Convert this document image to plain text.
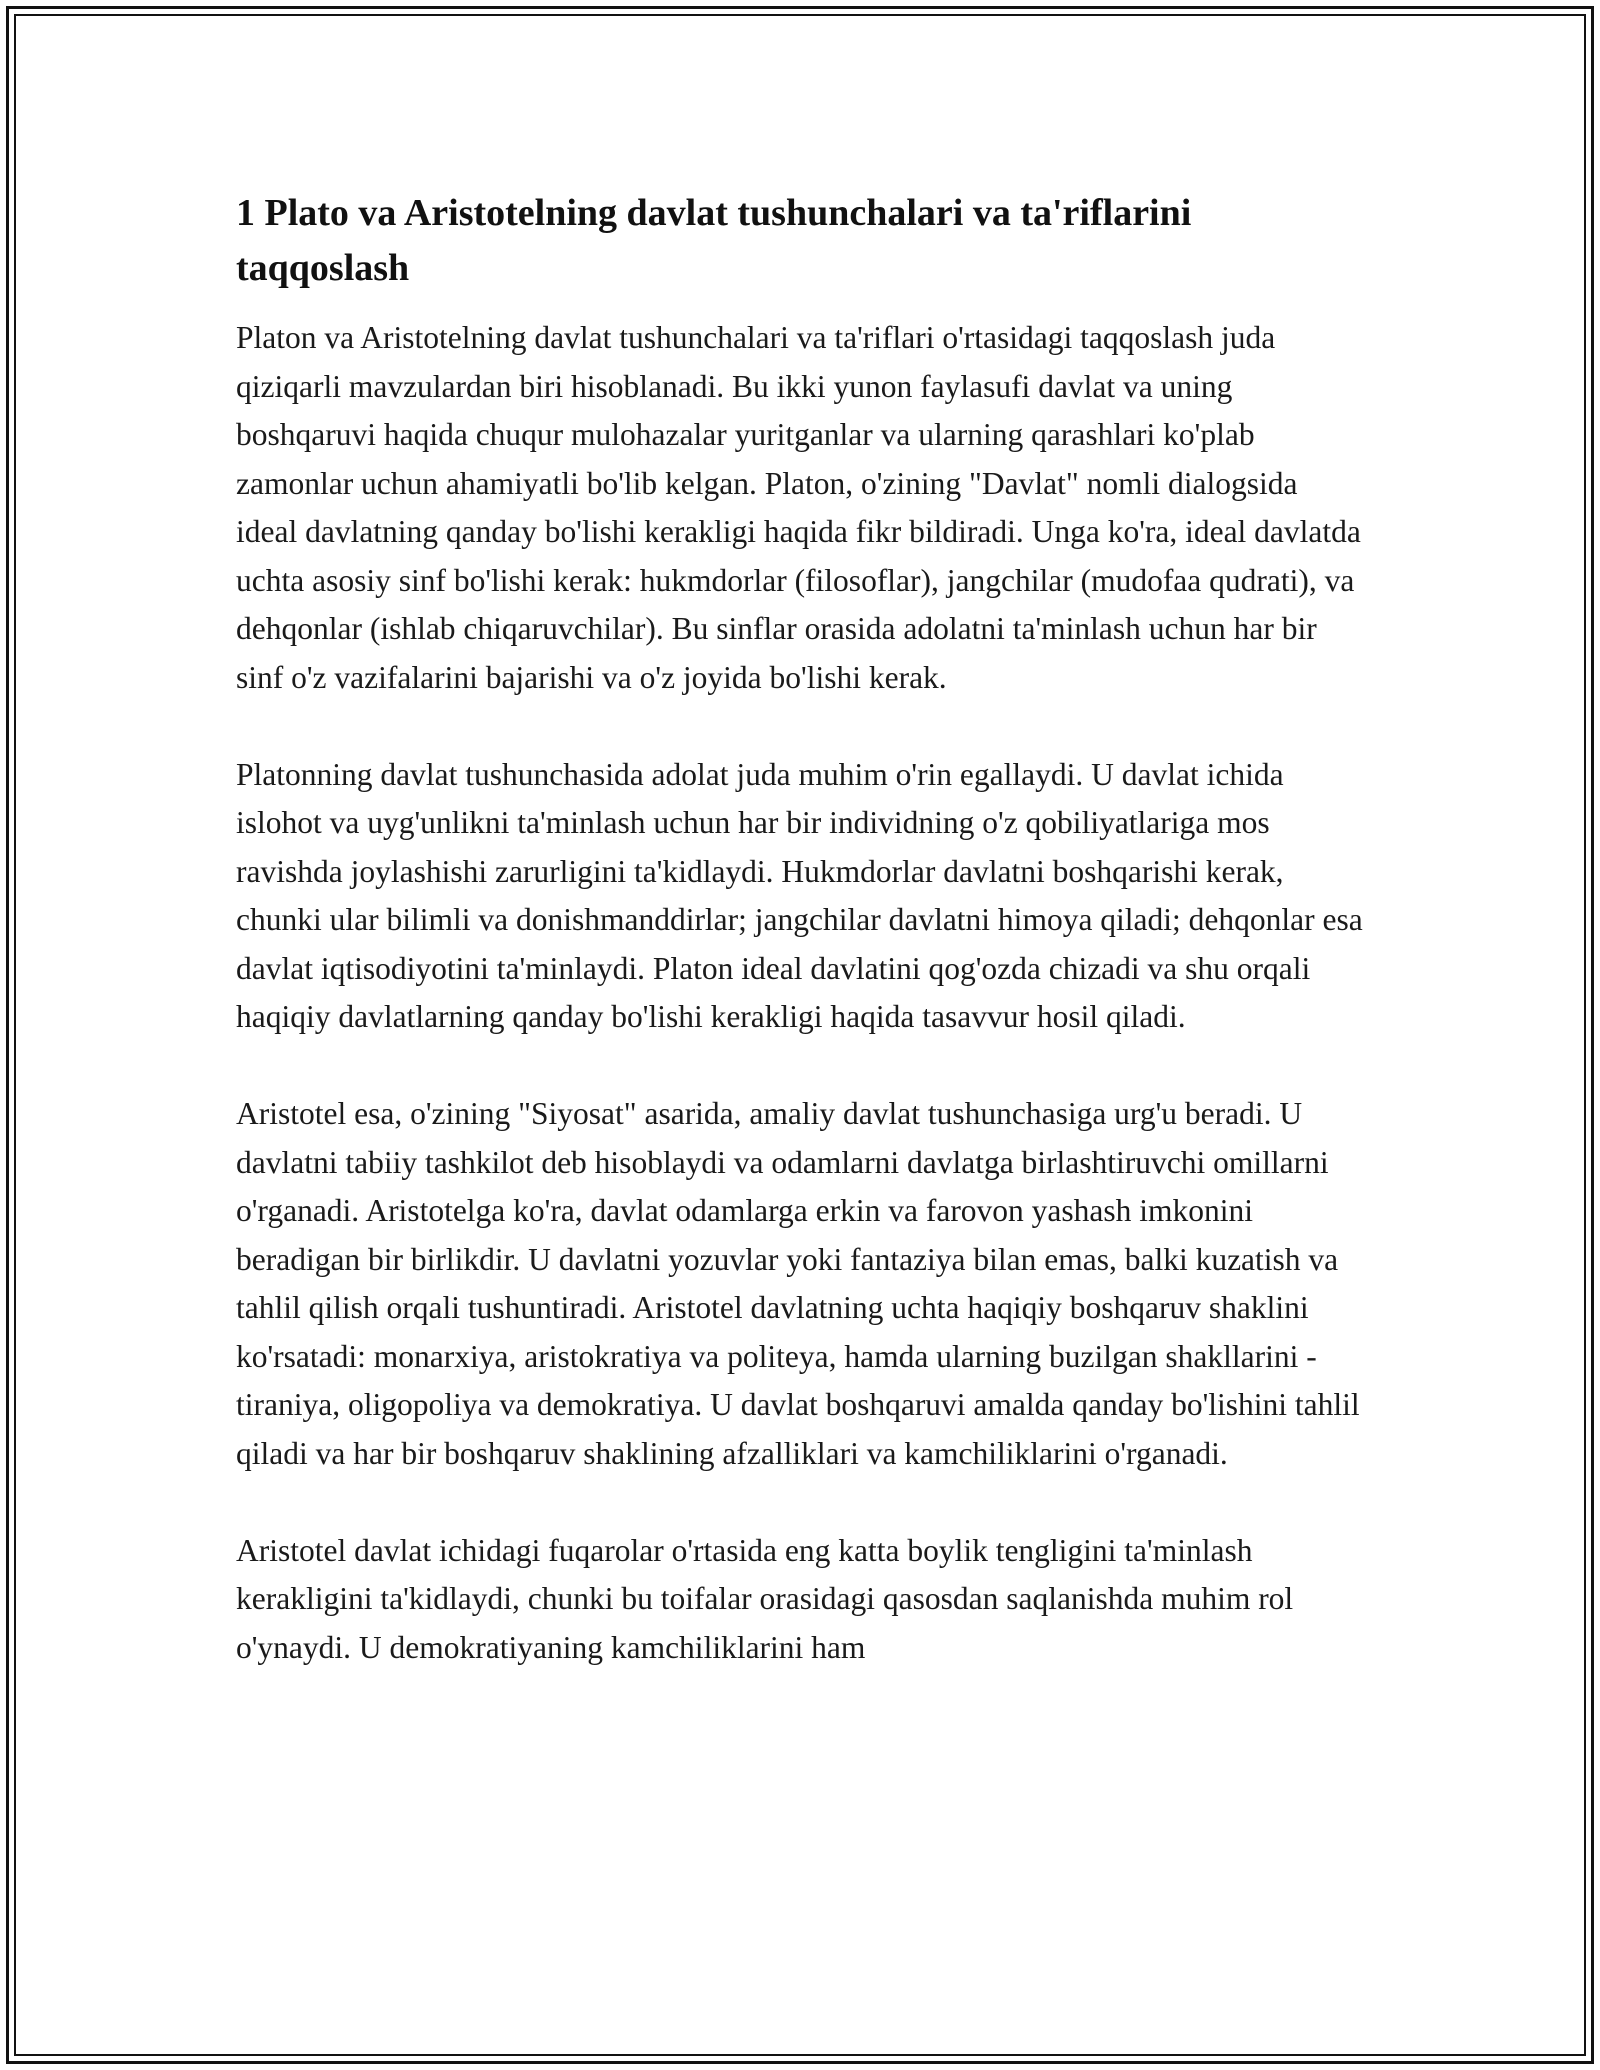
1 Plato va Aristotelning davlat tushunchalari va ta'riflarini taqqoslash

Platon va Aristotelning davlat tushunchalari va ta'riflari o'rtasidagi taqqoslash juda qiziqarli mavzulardan biri hisoblanadi. Bu ikki yunon faylasufi davlat va uning boshqaruvi haqida chuqur mulohazalar yuritganlar va ularning qarashlari ko'plab zamonlar uchun ahamiyatli bo'lib kelgan. Platon, o'zining "Davlat" nomli dialogsida ideal davlatning qanday bo'lishi kerakligi haqida fikr bildiradi. Unga ko'ra, ideal davlatda uchta asosiy sinf bo'lishi kerak: hukmdorlar (filosoflar), jangchilar (mudofaa qudrati), va dehqonlar (ishlab chiqaruvchilar). Bu sinflar orasida adolatni ta'minlash uchun har bir sinf o'z vazifalarini bajarishi va o'z joyida bo'lishi kerak.

Platonning davlat tushunchasida adolat juda muhim o'rin egallaydi. U davlat ichida islohot va uyg'unlikni ta'minlash uchun har bir individning o'z qobiliyatlariga mos ravishda joylashishi zarurligini ta'kidlaydi. Hukmdorlar davlatni boshqarishi kerak, chunki ular bilimli va donishmanddirlar; jangchilar davlatni himoya qiladi; dehqonlar esa davlat iqtisodiyotini ta'minlaydi. Platon ideal davlatini qog'ozda chizadi va shu orqali haqiqiy davlatlarning qanday bo'lishi kerakligi haqida tasavvur hosil qiladi.

Aristotel esa, o'zining "Siyosat" asarida, amaliy davlat tushunchasiga urg'u beradi. U davlatni tabiiy tashkilot deb hisoblaydi va odamlarni davlatga birlashtiruvchi omillarni o'rganadi. Aristotelga ko'ra, davlat odamlarga erkin va farovon yashash imkonini beradigan bir birlikdir. U davlatni yozuvlar yoki fantaziya bilan emas, balki kuzatish va tahlil qilish orqali tushuntiradi. Aristotel davlatning uchta haqiqiy boshqaruv shaklini ko'rsatadi: monarxiya, aristokratiya va politeya, hamda ularning buzilgan shakllarini - tiraniya, oligopoliya va demokratiya. U davlat boshqaruvi amalda qanday bo'lishini tahlil qiladi va har bir boshqaruv shaklining afzalliklari va kamchiliklarini o'rganadi.

Aristotel davlat ichidagi fuqarolar o'rtasida eng katta boylik tengligini ta'minlash kerakligini ta'kidlaydi, chunki bu toifalar orasidagi qasosdan saqlanishda muhim rol o'ynaydi. U demokratiyaning kamchiliklarini ham
